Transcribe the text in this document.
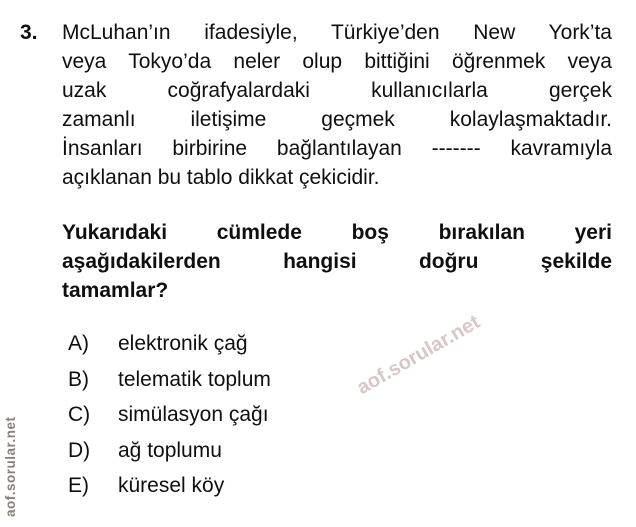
aof.sorular.net
aof.sorular.net
3. McLuhan’ın ifadesiyle, Türkiye’den New York’ta
veya Tokyo’da neler olup bittiğini öğrenmek veya
uzak coğrafyalardaki kullanıcılarla gerçek
zamanlı iletişime geçmek kolaylaşmaktadır.
İnsanları birbirine bağlantılayan ------- kavramıyla
açıklanan bu tablo dikkat çekicidir.
Yukarıdaki cümlede boş bırakılan yeri
aşağıdakilerden hangisi doğru şekilde
tamamlar?
A)	elektronik çağ
B)	telematik toplum
C)	simülasyon çağı
D)	ağ toplumu
E)	küresel köy
